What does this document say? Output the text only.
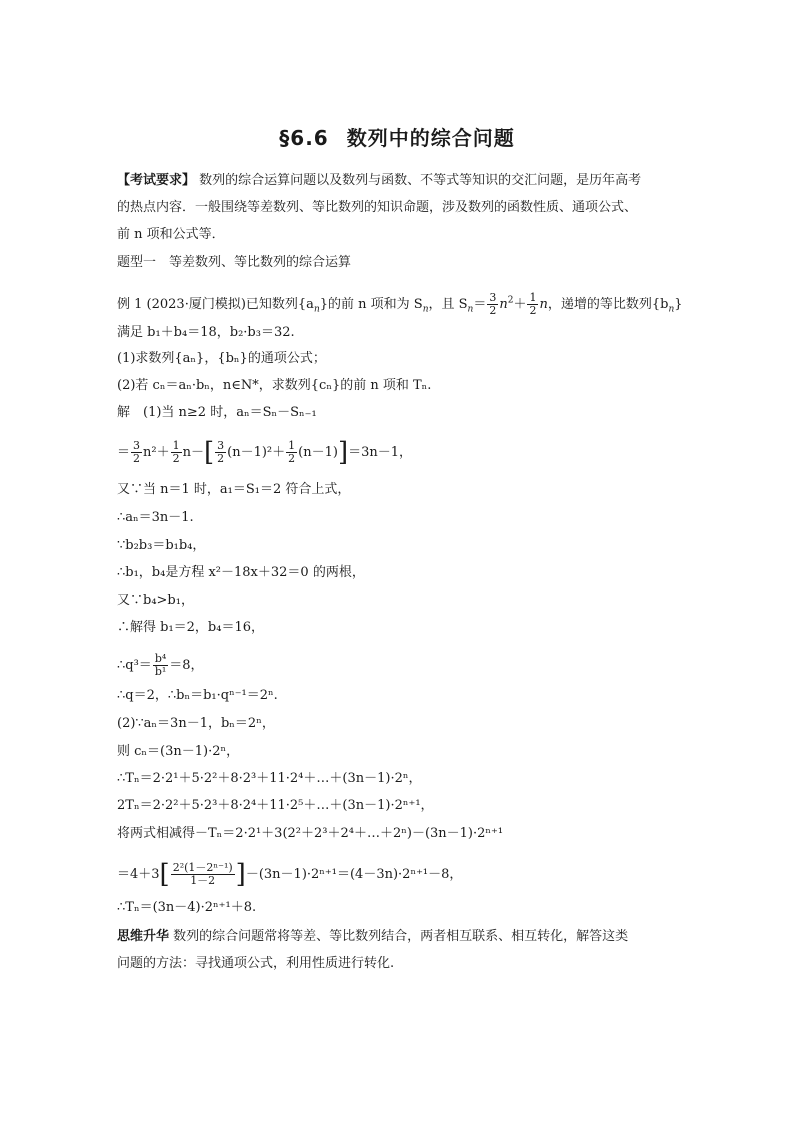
§6.6 数列中的综合问题
【考试要求】 数列的综合运算问题以及数列与函数、不等式等知识的交汇问题，是历年高考
的热点内容．一般围绕等差数列、等比数列的知识命题，涉及数列的函数性质、通项公式、
前 n 项和公式等．
题型一　等差数列、等比数列的综合运算
例 1 (2023·厦门模拟)已知数列$\{a_n\}$的前 n 项和为 $S_n$，且 $S_n= \frac{3}{2} n^2+ \frac{1}{2}$ n，递增的等比数列$\{b_n\}$
满足 b₁＋b₄＝18，b₂·b₃＝32.
(1)求数列{aₙ}，{bₙ}的通项公式；
(2)若 cₙ＝aₙ·bₙ，n∈N*，求数列{cₙ}的前 n 项和 Tₙ.
解　(1)当 n≥2 时，aₙ＝Sₙ－Sₙ₋₁
＝ $\frac{3}{2} n^2+ \frac{1}{2} n-[ \frac{3}{2} (n-1)^2+ \frac{1}{2} (n-1)]=3n-1$，
又∵当 n＝1 时，a₁＝S₁＝2 符合上式，
∴aₙ＝3n－1.
∵b₂b₃＝b₁b₄，
∴b₁，b₄是方程 x²－18x＋32＝0 的两根，
又∵b₄>b₁，
∴解得 b₁＝2，b₄＝16，
∴q³＝ $\frac{\text{b⁴}}{\text{b¹}} =8$，
∴q＝2，∴bₙ＝b₁·qⁿ⁻¹＝2ⁿ.
(2)∵aₙ＝3n－1，bₙ＝2ⁿ，
则 cₙ＝(3n－1)·2ⁿ，
∴Tₙ＝2·2¹＋5·2²＋8·2³＋11·2⁴＋…＋(3n－1)·2ⁿ，
2Tₙ＝2·2²＋5·2³＋8·2⁴＋11·2⁵＋…＋(3n－1)·2ⁿ⁺¹，
将两式相减得－Tₙ＝2·2¹＋3(2²＋2³＋2⁴＋…＋2ⁿ)－(3n－1)·2ⁿ⁺¹
$=4+3[ \frac{\text{2²(1－2ⁿ⁻¹)}}{1-2} ]-(3n-1)\cdot 2^{n+1}=(4-3n)\cdot 2^{n+1}-8$，
∴Tₙ＝(3n－4)·2ⁿ⁺¹＋8.
思维升华 数列的综合问题常将等差、等比数列结合，两者相互联系、相互转化，解答这类
问题的方法：寻找通项公式，利用性质进行转化.
